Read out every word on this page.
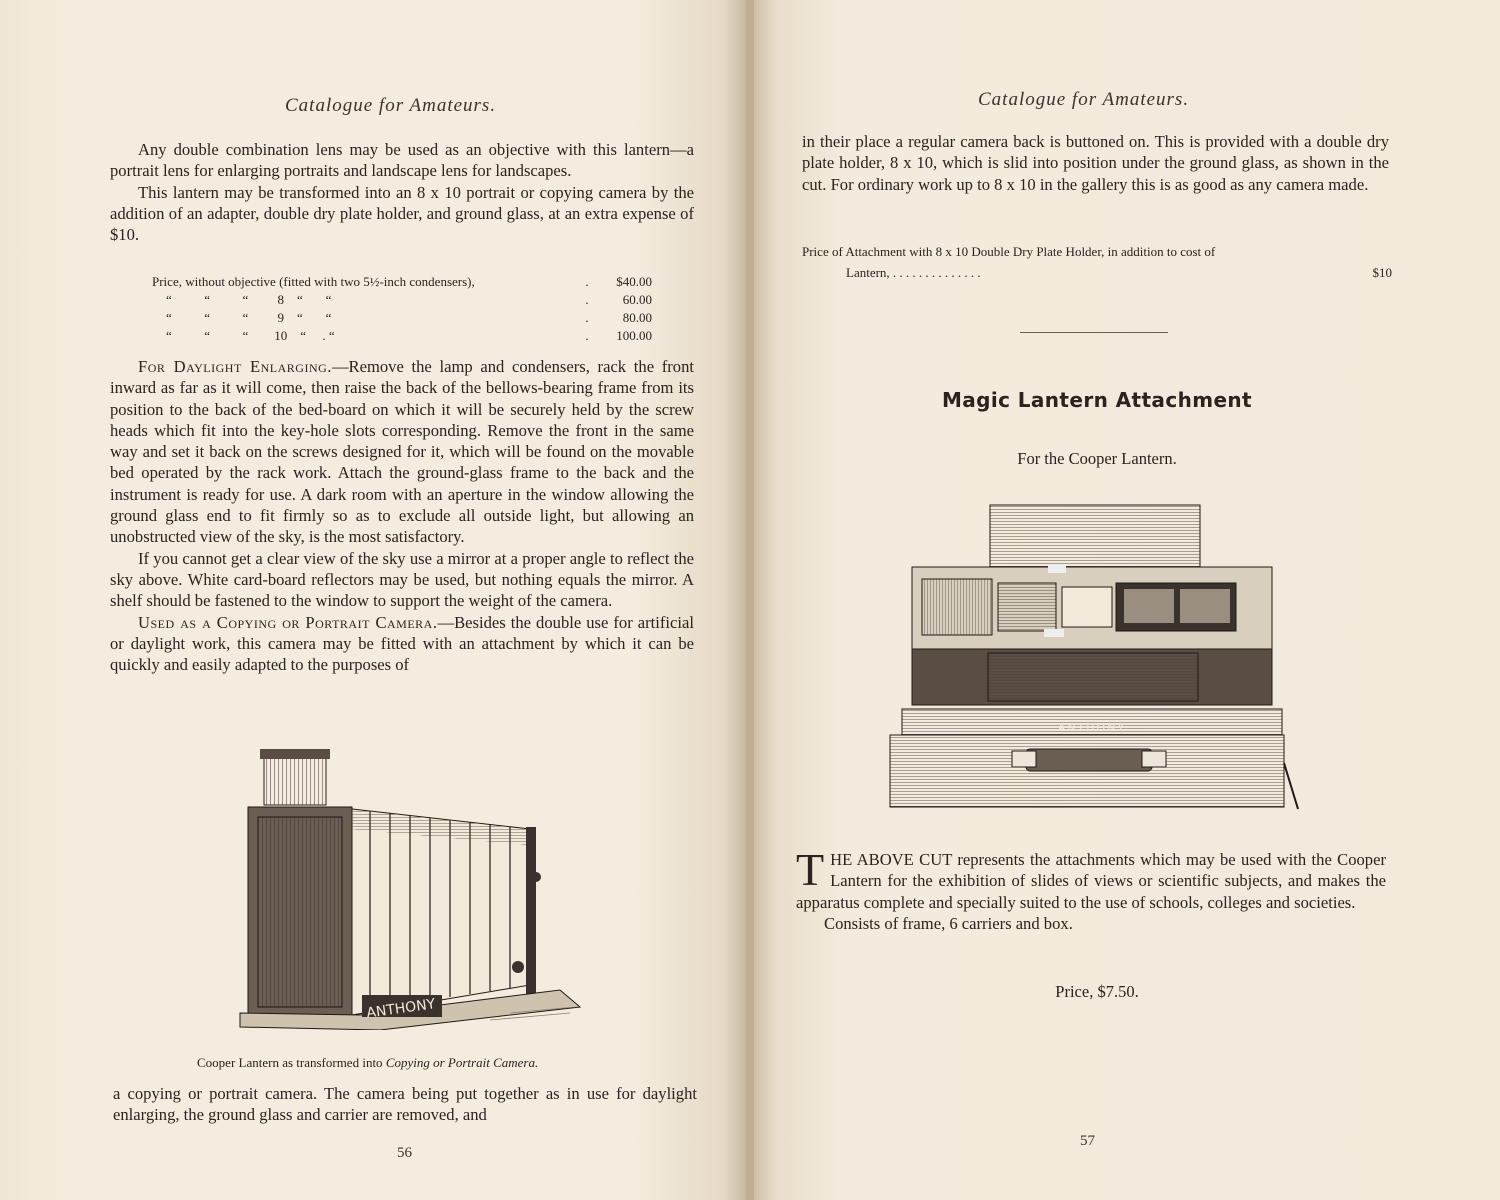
Catalogue for Amateurs.

Any double combination lens may be used as an objective with this lantern—a portrait lens for enlarging portraits and landscape lens for landscapes.

This lantern may be transformed into an 8 x 10 portrait or copying camera by the addition of an adapter, double dry plate holder, and ground glass, at an extra expense of $10.

Price, without objective (fitted with two 5½-inch condensers),	.	$40.00
“          “          “         8    “       “	.	60.00
“          “          “         9    “       “	.	80.00
“          “          “        10    “     . “	.	100.00

For Daylight Enlarging.—Remove the lamp and condensers, rack the front inward as far as it will come, then raise the back of the bellows-bearing frame from its position to the back of the bed-board on which it will be securely held by the screw heads which fit into the key-hole slots corresponding. Remove the front in the same way and set it back on the screws designed for it, which will be found on the movable bed operated by the rack work. Attach the ground-glass frame to the back and the instrument is ready for use. A dark room with an aperture in the window allowing the ground glass end to fit firmly so as to exclude all outside light, but allowing an unobstructed view of the sky, is the most satisfactory.

If you cannot get a clear view of the sky use a mirror at a proper angle to reflect the sky above. White card-board reflectors may be used, but nothing equals the mirror. A shelf should be fastened to the window to support the weight of the camera.

Used as a Copying or Portrait Camera.—Besides the double use for artificial or daylight work, this camera may be fitted with an attachment by which it can be quickly and easily adapted to the purposes of

ANTHONY
Cooper Lantern as transformed into Copying or Portrait Camera.

a copying or portrait camera. The camera being put together as in use for daylight enlarging, the ground glass and carrier are removed, and

56
Catalogue for Amateurs.

in their place a regular camera back is buttoned on. This is provided with a double dry plate holder, 8 x 10, which is slid into position under the ground glass, as shown in the cut. For ordinary work up to 8 x 10 in the gallery this is as good as any camera made.

Price of Attachment with 8 x 10 Double Dry Plate Holder, in addition to cost of
Lantern, . . . . . . . . . . . . . .	$10
Magic Lantern Attachment
For the Cooper Lantern.
ANTHONY
THE ABOVE CUT represents the attachments which may be used with the Cooper Lantern for the exhibition of slides of views or scientific subjects, and makes the apparatus complete and specially suited to the use of schools, colleges and societies.
Consists of frame, 6 carriers and box.
Price, $7.50.
57
